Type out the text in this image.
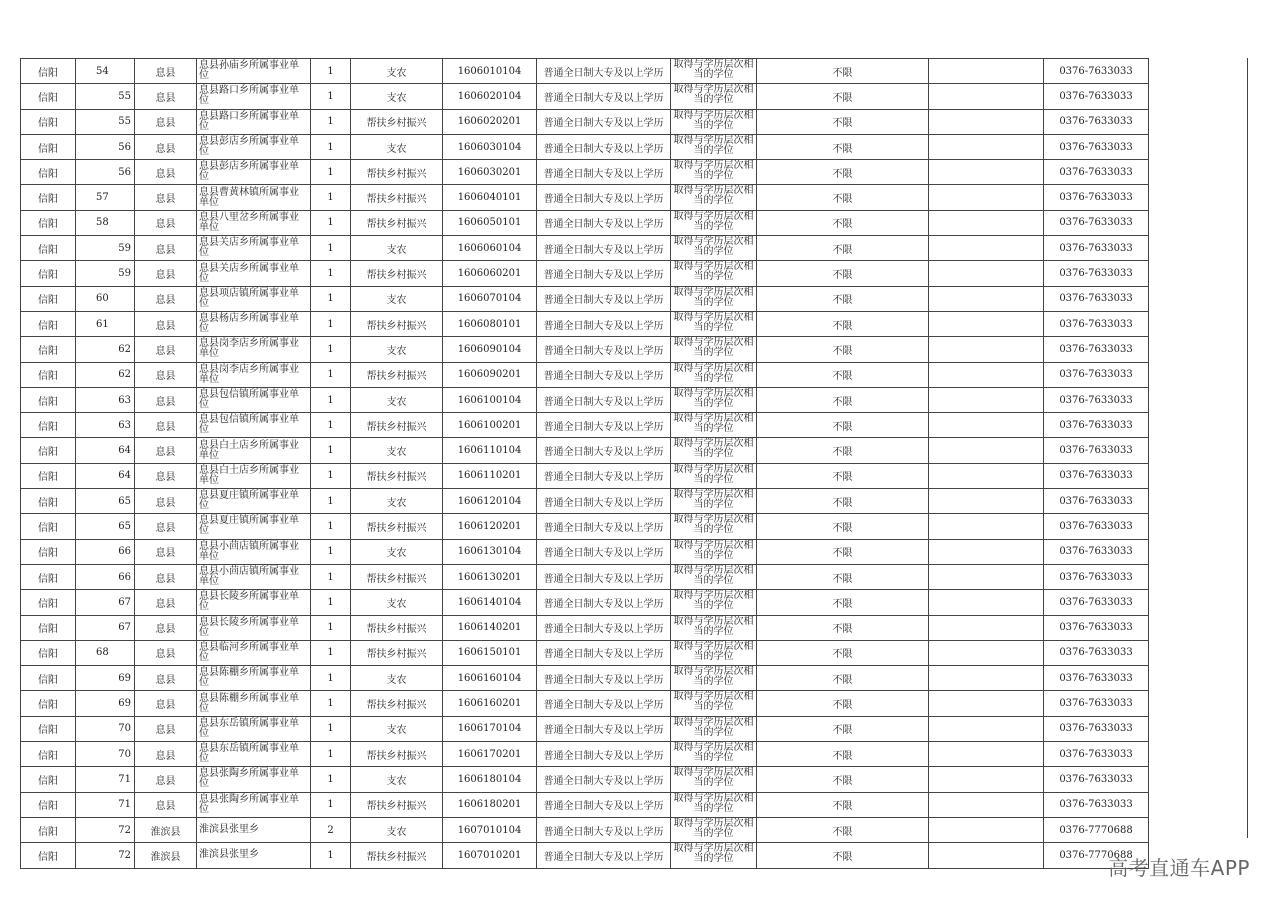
信阳	54	息县	息县孙庙乡所属事业单位	1	支农	1606010104	普通全日制大专及以上学历	取得与学历层次相当的学位	不限		0376-7633033
信阳	55	息县	息县路口乡所属事业单位	1	支农	1606020104	普通全日制大专及以上学历	取得与学历层次相当的学位	不限		0376-7633033
信阳	55	息县	息县路口乡所属事业单位	1	帮扶乡村振兴	1606020201	普通全日制大专及以上学历	取得与学历层次相当的学位	不限		0376-7633033
信阳	56	息县	息县彭店乡所属事业单位	1	支农	1606030104	普通全日制大专及以上学历	取得与学历层次相当的学位	不限		0376-7633033
信阳	56	息县	息县彭店乡所属事业单位	1	帮扶乡村振兴	1606030201	普通全日制大专及以上学历	取得与学历层次相当的学位	不限		0376-7633033
信阳	57	息县	息县曹黄林镇所属事业单位	1	帮扶乡村振兴	1606040101	普通全日制大专及以上学历	取得与学历层次相当的学位	不限		0376-7633033
信阳	58	息县	息县八里岔乡所属事业单位	1	帮扶乡村振兴	1606050101	普通全日制大专及以上学历	取得与学历层次相当的学位	不限		0376-7633033
信阳	59	息县	息县关店乡所属事业单位	1	支农	1606060104	普通全日制大专及以上学历	取得与学历层次相当的学位	不限		0376-7633033
信阳	59	息县	息县关店乡所属事业单位	1	帮扶乡村振兴	1606060201	普通全日制大专及以上学历	取得与学历层次相当的学位	不限		0376-7633033
信阳	60	息县	息县项店镇所属事业单位	1	支农	1606070104	普通全日制大专及以上学历	取得与学历层次相当的学位	不限		0376-7633033
信阳	61	息县	息县杨店乡所属事业单位	1	帮扶乡村振兴	1606080101	普通全日制大专及以上学历	取得与学历层次相当的学位	不限		0376-7633033
信阳	62	息县	息县岗李店乡所属事业单位	1	支农	1606090104	普通全日制大专及以上学历	取得与学历层次相当的学位	不限		0376-7633033
信阳	62	息县	息县岗李店乡所属事业单位	1	帮扶乡村振兴	1606090201	普通全日制大专及以上学历	取得与学历层次相当的学位	不限		0376-7633033
信阳	63	息县	息县包信镇所属事业单位	1	支农	1606100104	普通全日制大专及以上学历	取得与学历层次相当的学位	不限		0376-7633033
信阳	63	息县	息县包信镇所属事业单位	1	帮扶乡村振兴	1606100201	普通全日制大专及以上学历	取得与学历层次相当的学位	不限		0376-7633033
信阳	64	息县	息县白土店乡所属事业单位	1	支农	1606110104	普通全日制大专及以上学历	取得与学历层次相当的学位	不限		0376-7633033
信阳	64	息县	息县白土店乡所属事业单位	1	帮扶乡村振兴	1606110201	普通全日制大专及以上学历	取得与学历层次相当的学位	不限		0376-7633033
信阳	65	息县	息县夏庄镇所属事业单位	1	支农	1606120104	普通全日制大专及以上学历	取得与学历层次相当的学位	不限		0376-7633033
信阳	65	息县	息县夏庄镇所属事业单位	1	帮扶乡村振兴	1606120201	普通全日制大专及以上学历	取得与学历层次相当的学位	不限		0376-7633033
信阳	66	息县	息县小茴店镇所属事业单位	1	支农	1606130104	普通全日制大专及以上学历	取得与学历层次相当的学位	不限		0376-7633033
信阳	66	息县	息县小茴店镇所属事业单位	1	帮扶乡村振兴	1606130201	普通全日制大专及以上学历	取得与学历层次相当的学位	不限		0376-7633033
信阳	67	息县	息县长陵乡所属事业单位	1	支农	1606140104	普通全日制大专及以上学历	取得与学历层次相当的学位	不限		0376-7633033
信阳	67	息县	息县长陵乡所属事业单位	1	帮扶乡村振兴	1606140201	普通全日制大专及以上学历	取得与学历层次相当的学位	不限		0376-7633033
信阳	68	息县	息县临河乡所属事业单位	1	帮扶乡村振兴	1606150101	普通全日制大专及以上学历	取得与学历层次相当的学位	不限		0376-7633033
信阳	69	息县	息县陈棚乡所属事业单位	1	支农	1606160104	普通全日制大专及以上学历	取得与学历层次相当的学位	不限		0376-7633033
信阳	69	息县	息县陈棚乡所属事业单位	1	帮扶乡村振兴	1606160201	普通全日制大专及以上学历	取得与学历层次相当的学位	不限		0376-7633033
信阳	70	息县	息县东岳镇所属事业单位	1	支农	1606170104	普通全日制大专及以上学历	取得与学历层次相当的学位	不限		0376-7633033
信阳	70	息县	息县东岳镇所属事业单位	1	帮扶乡村振兴	1606170201	普通全日制大专及以上学历	取得与学历层次相当的学位	不限		0376-7633033
信阳	71	息县	息县张陶乡所属事业单位	1	支农	1606180104	普通全日制大专及以上学历	取得与学历层次相当的学位	不限		0376-7633033
信阳	71	息县	息县张陶乡所属事业单位	1	帮扶乡村振兴	1606180201	普通全日制大专及以上学历	取得与学历层次相当的学位	不限		0376-7633033
信阳	72	淮滨县	淮滨县张里乡	2	支农	1607010104	普通全日制大专及以上学历	取得与学历层次相当的学位	不限		0376-7770688
信阳	72	淮滨县	淮滨县张里乡	1	帮扶乡村振兴	1607010201	普通全日制大专及以上学历	取得与学历层次相当的学位	不限		0376-7770688
高考直通车APP
